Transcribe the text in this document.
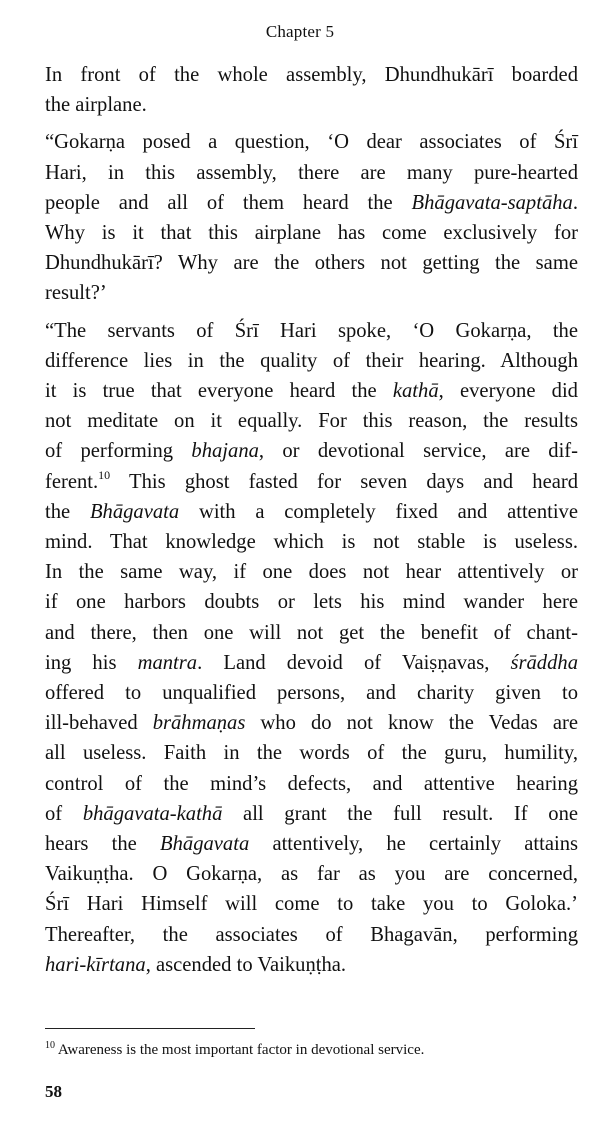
Chapter 5
In front of the whole assembly, Dhundhukārī boarded
the airplane.
“Gokarṇa posed a question, ‘O dear associates of Śrī
Hari, in this assembly, there are many pure-hearted
people and all of them heard the Bhāgavata-saptāha.
Why is it that this airplane has come exclusively for
Dhundhukārī? Why are the others not getting the same
result?’
“The servants of Śrī Hari spoke, ‘O Gokarṇa, the
difference lies in the quality of their hearing. Although
it is true that everyone heard the kathā, everyone did
not meditate on it equally. For this reason, the results
of performing bhajana, or devotional service, are dif-
ferent.$^{10}$ This ghost fasted for seven days and heard
the Bhāgavata with a completely fixed and attentive
mind. That knowledge which is not stable is useless.
In the same way, if one does not hear attentively or
if one harbors doubts or lets his mind wander here
and there, then one will not get the benefit of chant-
ing his mantra. Land devoid of Vaiṣṇavas, śrāddha
offered to unqualified persons, and charity given to
ill-behaved brāhmaṇas who do not know the Vedas are
all useless. Faith in the words of the guru, humility,
control of the mind’s defects, and attentive hearing
of bhāgavata-kathā all grant the full result. If one
hears the Bhāgavata attentively, he certainly attains
Vaikuṇṭha. O Gokarṇa, as far as you are concerned,
Śrī Hari Himself will come to take you to Goloka.’
Thereafter, the associates of Bhagavān, performing
hari-kīrtana, ascended to Vaikuṇṭha.
$^{10}$ Awareness is the most important factor in devotional service.
58
